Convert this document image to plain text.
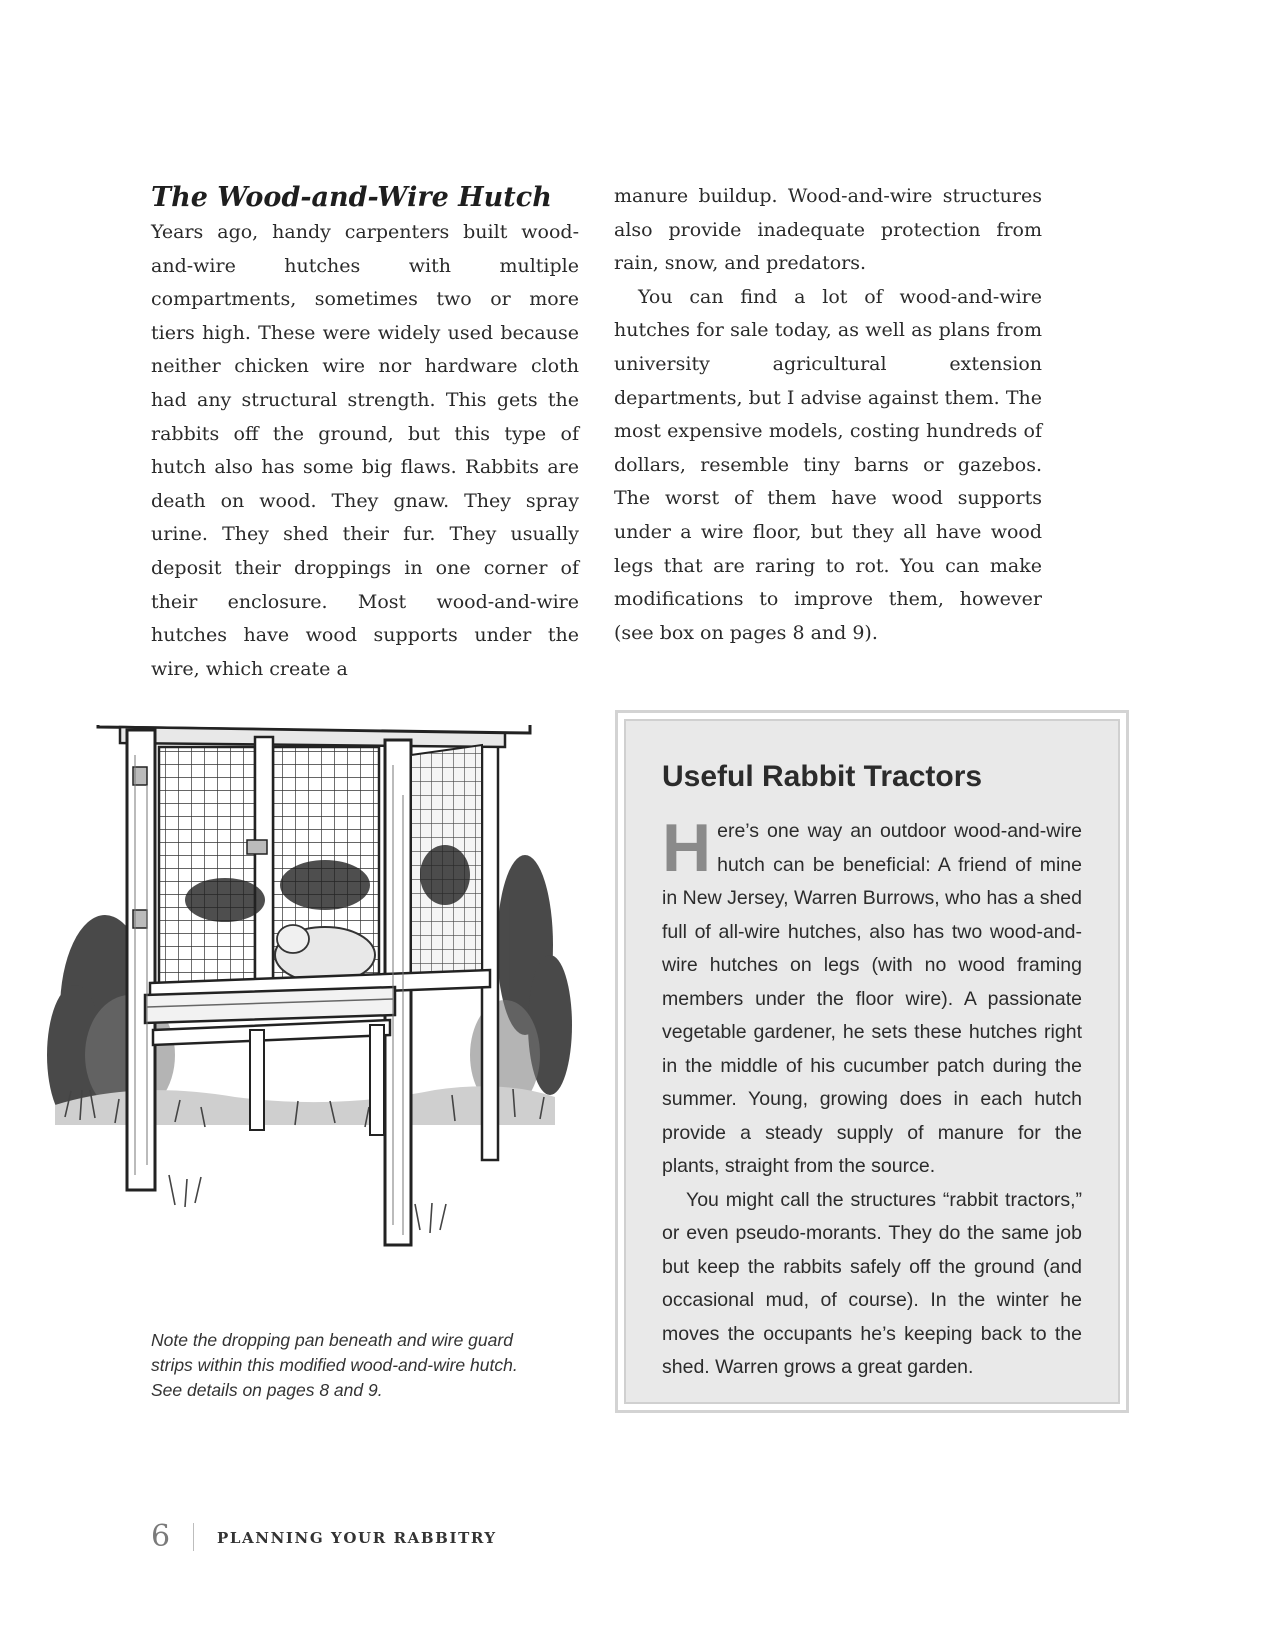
The Wood-and-Wire Hutch

Years ago, handy carpenters built wood-and-wire hutches with multiple compartments, sometimes two or more tiers high. These were widely used because neither chicken wire nor hardware cloth had any structural strength. This gets the rabbits off the ground, but this type of hutch also has some big flaws. Rabbits are death on wood. They gnaw. They spray urine. They shed their fur. They usually deposit their droppings in one corner of their enclosure. Most wood-and-wire hutches have wood supports under the wire, which create a

manure buildup. Wood-and-wire structures also provide inadequate protection from rain, snow, and predators.

You can find a lot of wood-and-wire hutches for sale today, as well as plans from university agricultural extension departments, but I advise against them. The most expensive models, costing hundreds of dollars, resemble tiny barns or gazebos. The worst of them have wood supports under a wire floor, but they all have wood legs that are raring to rot. You can make modifications to improve them, however (see box on pages 8 and 9).

Note the dropping pan beneath and wire guard strips within this modified wood-and-wire hutch. See details on pages 8 and 9.

Useful Rabbit Tractors

Here’s one way an outdoor wood-and-wire hutch can be beneficial: A friend of mine in New Jersey, Warren Burrows, who has a shed full of all-wire hutches, also has two wood-and-wire hutches on legs (with no wood framing members under the floor wire). A passionate vegetable gardener, he sets these hutches right in the middle of his cucumber patch during the summer. Young, growing does in each hutch provide a steady supply of manure for the plants, straight from the source.

You might call the structures “rabbit tractors,” or even pseudo-morants. They do the same job but keep the rabbits safely off the ground (and occasional mud, of course). In the winter he moves the occupants he’s keeping back to the shed. Warren grows a great garden.

6	PLANNING YOUR RABBITRY
